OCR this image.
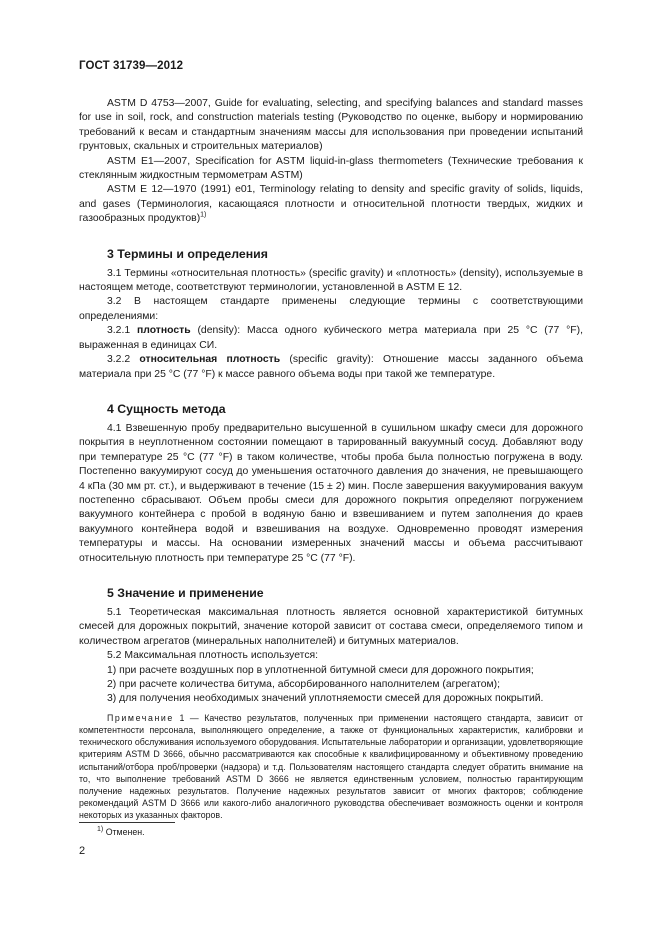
ГОСТ 31739—2012

ASTM D 4753—2007, Guide for evaluating, selecting, and specifying balances and standard masses for use in soil, rock, and construction materials testing (Руководство по оценке, выбору и нормированию требований к весам и стандартным значениям массы для использования при проведении испытаний грунтовых, скальных и строительных материалов)

ASTM E1—2007, Specification for ASTM liquid-in-glass thermometers (Технические требования к стеклянным жидкостным термометрам ASTM)

ASTM E 12—1970 (1991) е01, Terminology relating to density and specific gravity of solids, liquids, and gases (Терминология, касающаяся плотности и относительной плотности твердых, жидких и газообразных продуктов)$^{1)}$

3 Термины и определения

3.1 Термины «относительная плотность» (specific gravity) и «плотность» (density), используемые в настоящем методе, соответствуют терминологии, установленной в ASTM E 12.

3.2 В настоящем стандарте применены следующие термины с соответствующими определениями:

3.2.1 плотность (density): Масса одного кубического метра материала при 25 °С (77 °F), выраженная в единицах СИ.

3.2.2 относительная плотность (specific gravity): Отношение массы заданного объема материала при 25 °С (77 °F) к массе равного объема воды при такой же температуре.

4 Сущность метода

4.1 Взвешенную пробу предварительно высушенной в сушильном шкафу смеси для дорожного покрытия в неуплотненном состоянии помещают в тарированный вакуумный сосуд. Добавляют воду при температуре 25 °С (77 °F) в таком количестве, чтобы проба была полностью погружена в воду. Постепенно вакуумируют сосуд до уменьшения остаточного давления до значения, не превышающего 4 кПа (30 мм рт. ст.), и выдерживают в течение (15 ± 2) мин. После завершения вакуумирования вакуум постепенно сбрасывают. Объем пробы смеси для дорожного покрытия определяют погружением вакуумного контейнера с пробой в водяную баню и взвешиванием и путем заполнения до краев вакуумного контейнера водой и взвешивания на воздухе. Одновременно проводят измерения температуры и массы. На основании измеренных значений массы и объема рассчитывают относительную плотность при температуре 25 °С (77 °F).

5 Значение и применение

5.1 Теоретическая максимальная плотность является основной характеристикой битумных смесей для дорожных покрытий, значение которой зависит от состава смеси, определяемого типом и количеством агрегатов (минеральных наполнителей) и битумных материалов.

5.2 Максимальная плотность используется:

1) при расчете воздушных пор в уплотненной битумной смеси для дорожного покрытия;

2) при расчете количества битума, абсорбированного наполнителем (агрегатом);

3) для получения необходимых значений уплотняемости смесей для дорожных покрытий.

Примечание 1 — Качество результатов, полученных при применении настоящего стандарта, зависит от компетентности персонала, выполняющего определение, а также от функциональных характеристик, калибровки и технического обслуживания используемого оборудования. Испытательные лаборатории и организации, удовлетворяющие критериям ASTM D 3666, обычно рассматриваются как способные к квалифицированному и объективному проведению испытаний/отбора проб/проверки (надзора) и т.д. Пользователям настоящего стандарта следует обратить внимание на то, что выполнение требований ASTM D 3666 не является единственным условием, полностью гарантирующим получение надежных результатов. Получение надежных результатов зависит от многих факторов; соблюдение рекомендаций ASTM D 3666 или какого-либо аналогичного руководства обеспечивает возможность оценки и контроля некоторых из указанных факторов.

$^{1)}$ Отменен.
2
